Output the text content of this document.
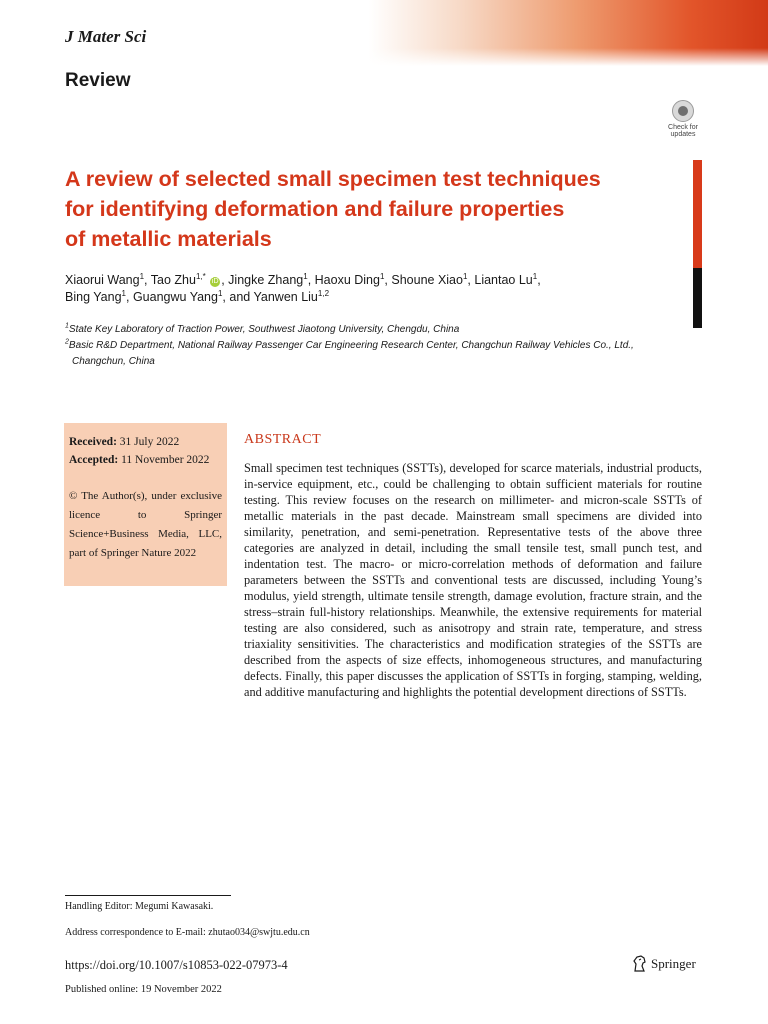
J Mater Sci
Review
Check for
updates
A review of selected small specimen test techniques
for identifying deformation and failure properties
of metallic materials
Xiaorui Wang$^1$, Tao Zhu$^{1,*}$ iD , Jingke Zhang$^1$, Haoxu Ding$^1$, Shoune Xiao$^1$, Liantao Lu$^1$,
Bing Yang$^1$, Guangwu Yang$^1$, and Yanwen Liu$^{1,2}$
$^1$State Key Laboratory of Traction Power, Southwest Jiaotong University, Chengdu, China
$^2$Basic R&D Department, National Railway Passenger Car Engineering Research Center, Changchun Railway Vehicles Co., Ltd.,
Changchun, China
Received: 31 July 2022
Accepted: 11 November 2022
© The Author(s), under exclusive licence to Springer Science+Business Media, LLC, part of Springer Nature 2022
ABSTRACT
Small specimen test techniques (SSTTs), developed for scarce materials, industrial products, in-service equipment, etc., could be challenging to obtain sufficient materials for routine testing. This review focuses on the research on millimeter- and micron-scale SSTTs of metallic materials in the past decade. Mainstream small specimens are divided into similarity, penetration, and semi-penetration. Representative tests of the above three categories are analyzed in detail, including the small tensile test, small punch test, and indentation test. The macro- or micro-correlation methods of deformation and failure parameters between the SSTTs and conventional tests are discussed, including Young’s modulus, yield strength, ultimate tensile strength, damage evolution, fracture strain, and the stress–strain full-history relationships. Meanwhile, the extensive requirements for material testing are also considered, such as anisotropy and strain rate, temperature, and stress triaxiality sensitivities. The characteristics and modification strategies of the SSTTs are described from the aspects of size effects, inhomogeneous structures, and manufacturing defects. Finally, this paper discusses the application of SSTTs in forging, stamping, welding, and additive manufacturing and highlights the potential development directions of SSTTs.
Handling Editor: Megumi Kawasaki.
Address correspondence to E-mail: zhutao034@swjtu.edu.cn
https://doi.org/10.1007/s10853-022-07973-4
Published online: 19 November 2022
Springer
